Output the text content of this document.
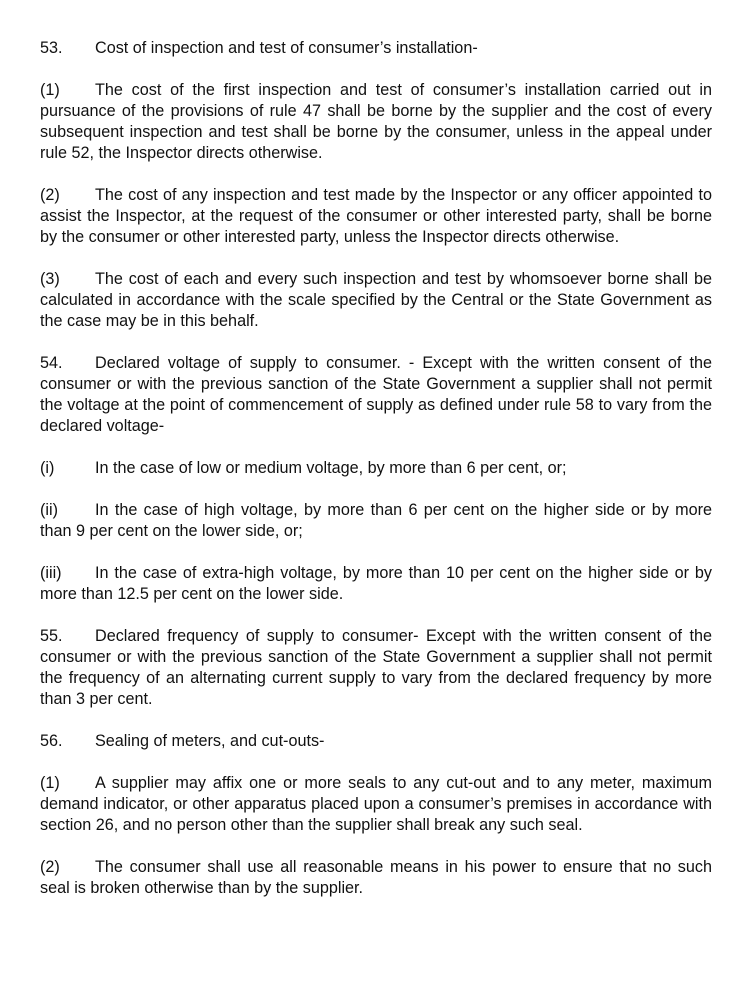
53. Cost of inspection and test of consumer’s installation-

(1) The cost of the first inspection and test of consumer’s installation carried out in pursuance of the provisions of rule 47 shall be borne by the supplier and the cost of every subsequent inspection and test shall be borne by the consumer, unless in the appeal under rule 52, the Inspector directs otherwise.

(2) The cost of any inspection and test made by the Inspector or any officer appointed to assist the Inspector, at the request of the consumer or other interested party, shall be borne by the consumer or other interested party, unless the Inspector directs otherwise.

(3) The cost of each and every such inspection and test by whomsoever borne shall be calculated in accordance with the scale specified by the Central or the State Government as the case may be in this behalf.

54. Declared voltage of supply to consumer. - Except with the written consent of the consumer or with the previous sanction of the State Government a supplier shall not permit the voltage at the point of commencement of supply as defined under rule 58 to vary from the declared voltage-

(i)	In the case of low or medium voltage, by more than 6 per cent, or;

(ii) In the case of high voltage, by more than 6 per cent on the higher side or by more than 9 per cent on the lower side, or;

(iii) In the case of extra-high voltage, by more than 10 per cent on the higher side or by more than 12.5 per cent on the lower side.

55. Declared frequency of supply to consumer- Except with the written consent of the consumer or with the previous sanction of the State Government a supplier shall not permit the frequency of an alternating current supply to vary from the declared frequency by more than 3 per cent.

56. Sealing of meters, and cut-outs-

(1) A supplier may affix one or more seals to any cut-out and to any meter, maximum demand indicator, or other apparatus placed upon a consumer’s premises in accordance with section 26, and no person other than the supplier shall break any such seal.

(2) The consumer shall use all reasonable means in his power to ensure that no such seal is broken otherwise than by the supplier.
